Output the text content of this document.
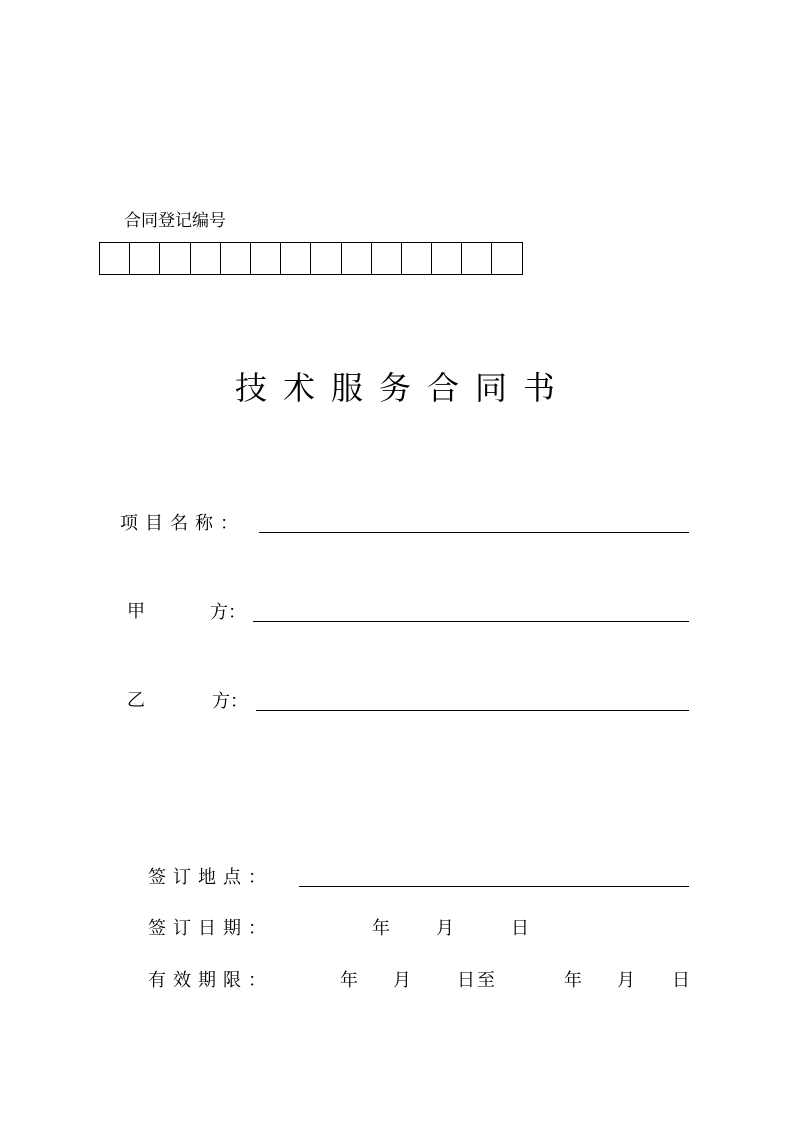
合同登记编号
技术服务合同书
项目名称：
甲	方：
乙	方：
签订地点：
签订日期：	年	月	日
有效期限：	年 月	日 至	年 月 日
